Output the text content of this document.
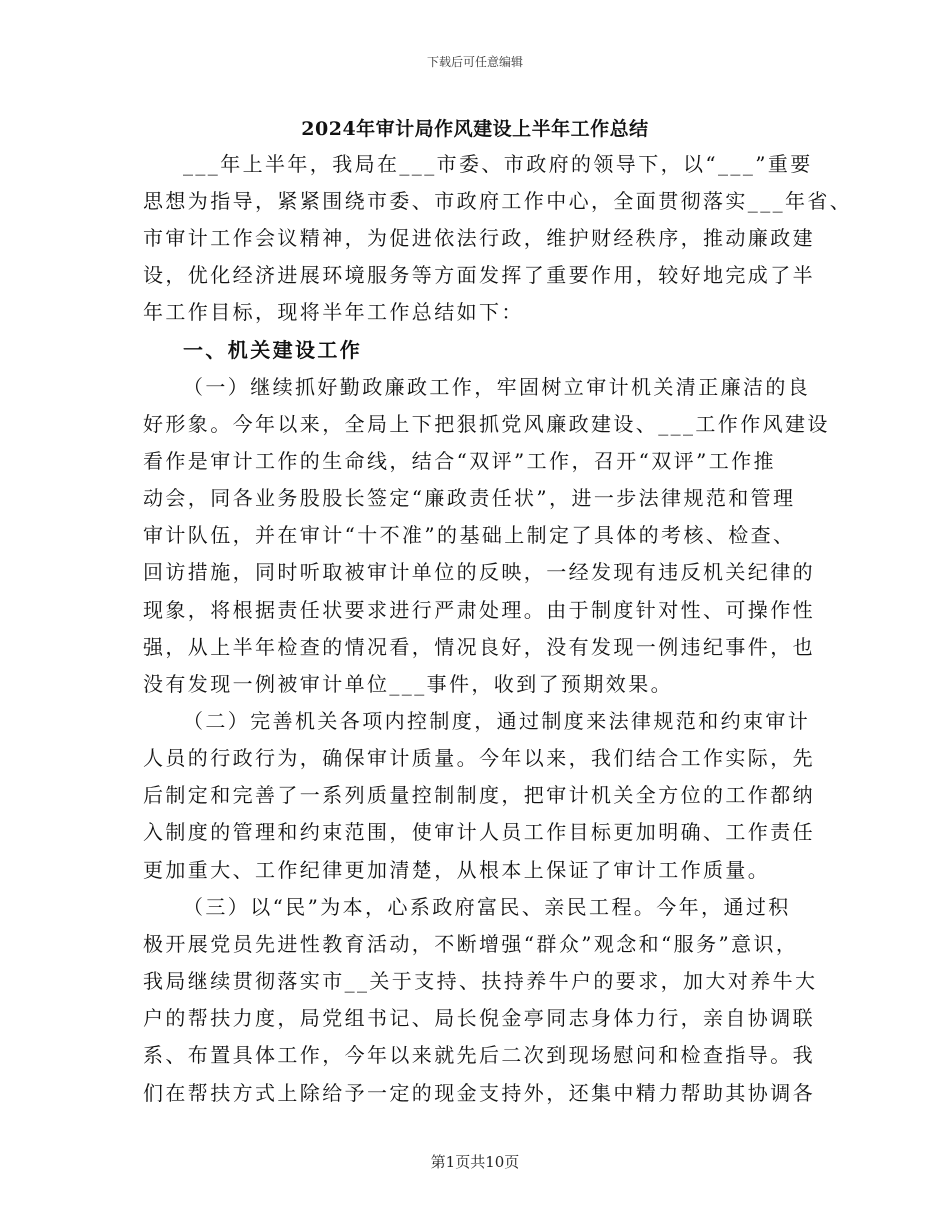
下载后可任意编辑
2024年审计局作风建设上半年工作总结
___年上半年，我局在___市委、市政府的领导下，以“___”重要
思想为指导，紧紧围绕市委、市政府工作中心，全面贯彻落实___年省、
市审计工作会议精神，为促进依法行政，维护财经秩序，推动廉政建
设，优化经济进展环境服务等方面发挥了重要作用，较好地完成了半
年工作目标，现将半年工作总结如下：
一、机关建设工作
（一）继续抓好勤政廉政工作，牢固树立审计机关清正廉洁的良
好形象。今年以来，全局上下把狠抓党风廉政建设、___工作作风建设
看作是审计工作的生命线，结合“双评”工作，召开“双评”工作推
动会，同各业务股股长签定“廉政责任状”，进一步法律规范和管理
审计队伍，并在审计“十不准”的基础上制定了具体的考核、检查、
回访措施，同时听取被审计单位的反映，一经发现有违反机关纪律的
现象，将根据责任状要求进行严肃处理。由于制度针对性、可操作性
强，从上半年检查的情况看，情况良好，没有发现一例违纪事件，也
没有发现一例被审计单位___事件，收到了预期效果。
（二）完善机关各项内控制度，通过制度来法律规范和约束审计
人员的行政行为，确保审计质量。今年以来，我们结合工作实际，先
后制定和完善了一系列质量控制制度，把审计机关全方位的工作都纳
入制度的管理和约束范围，使审计人员工作目标更加明确、工作责任
更加重大、工作纪律更加清楚，从根本上保证了审计工作质量。
（三）以“民”为本，心系政府富民、亲民工程。今年，通过积
极开展党员先进性教育活动，不断增强“群众”观念和“服务”意识，
我局继续贯彻落实市__关于支持、扶持养牛户的要求，加大对养牛大
户的帮扶力度，局党组书记、局长倪金亭同志身体力行，亲自协调联
系、布置具体工作，今年以来就先后二次到现场慰问和检查指导。我
们在帮扶方式上除给予一定的现金支持外，还集中精力帮助其协调各
第1页共10页
